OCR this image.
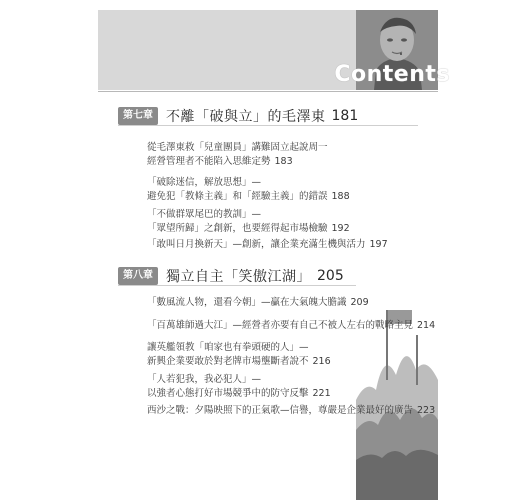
Contents
第七章 不離「破與立」的毛澤東 181
從毛澤東救「兒童團員」講難固立起說周一
經營管理者不能陷入思維定勢 183
「破除迷信，解放思想」—
避免犯「教條主義」和「經驗主義」的錯誤 188
「不做群眾尾巴的教訓」—
「眾望所歸」之創新，也要經得起市場檢驗 192
「敢叫日月換新天」—創新，讓企業充滿生機與活力 197
第八章 獨立自主「笑傲江湖」 205
「數風流人物，還看今朝」—贏在大氣魄大膽識 209
「百萬雄師過大江」—經營者亦要有自己不被人左右的戰略主見 214
讓英艦領教「咱家也有拳頭硬的人」—
新興企業要敢於對老牌市場壟斷者說不 216
「人若犯我，我必犯人」—
以強者心態打好市場競爭中的防守反擊 221
西沙之戰：夕陽映照下的正氣歌—信譽，尊嚴是企業最好的廣告 223
